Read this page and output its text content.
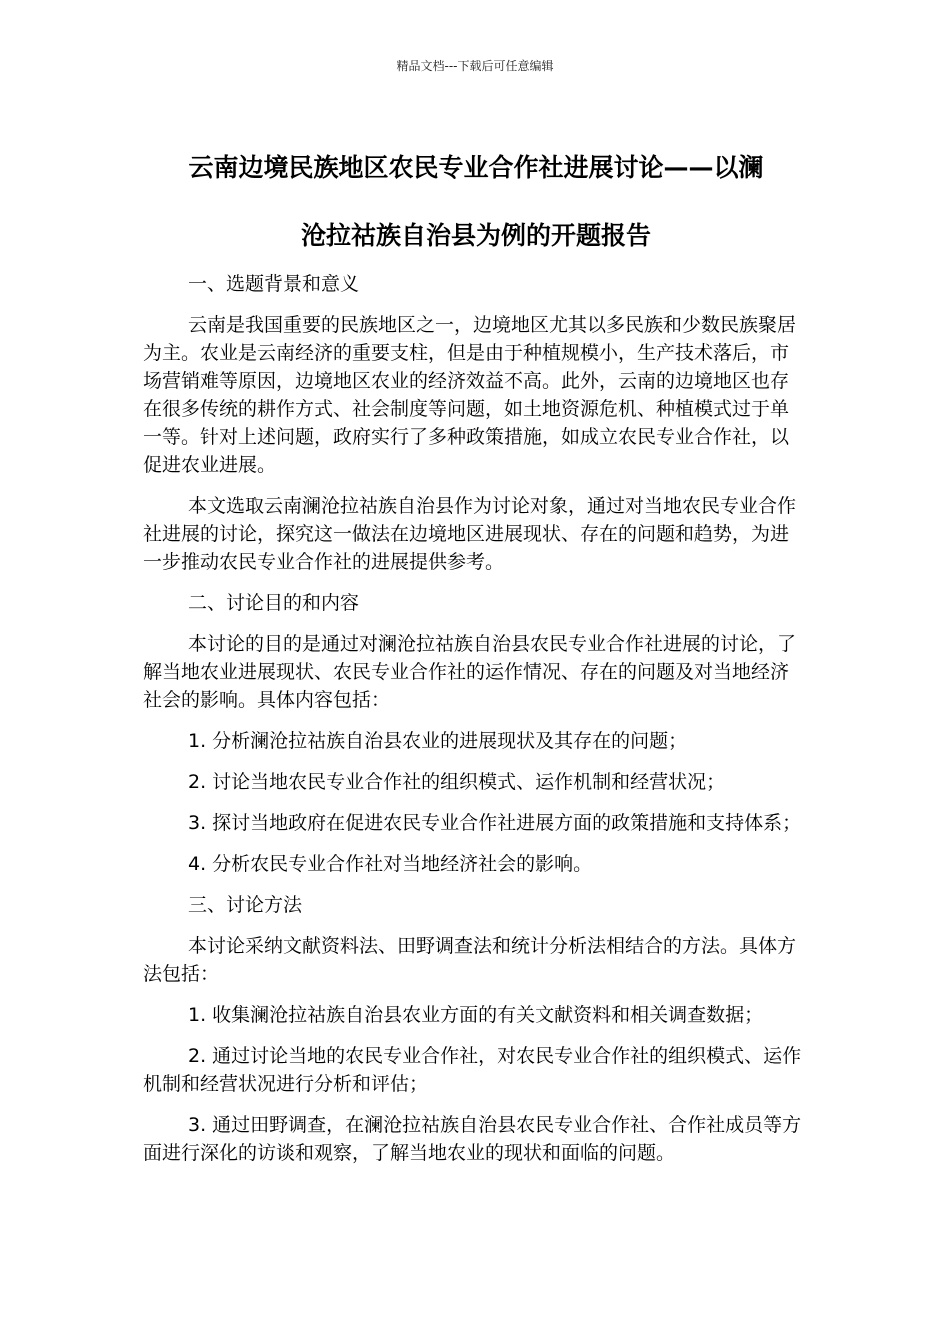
精品文档---下载后可任意编辑
云南边境民族地区农民专业合作社进展讨论——以澜
沧拉祜族自治县为例的开题报告

一、选题背景和意义

云南是我国重要的民族地区之一，边境地区尤其以多民族和少数民族聚居为主。农业是云南经济的重要支柱，但是由于种植规模小，生产技术落后，市场营销难等原因，边境地区农业的经济效益不高。此外，云南的边境地区也存在很多传统的耕作方式、社会制度等问题，如土地资源危机、种植模式过于单一等。针对上述问题，政府实行了多种政策措施，如成立农民专业合作社，以促进农业进展。

本文选取云南澜沧拉祜族自治县作为讨论对象，通过对当地农民专业合作社进展的讨论，探究这一做法在边境地区进展现状、存在的问题和趋势，为进一步推动农民专业合作社的进展提供参考。

二、讨论目的和内容

本讨论的目的是通过对澜沧拉祜族自治县农民专业合作社进展的讨论，了解当地农业进展现状、农民专业合作社的运作情况、存在的问题及对当地经济社会的影响。具体内容包括：

1. 分析澜沧拉祜族自治县农业的进展现状及其存在的问题；

2. 讨论当地农民专业合作社的组织模式、运作机制和经营状况；

3. 探讨当地政府在促进农民专业合作社进展方面的政策措施和支持体系；

4. 分析农民专业合作社对当地经济社会的影响。

三、讨论方法

本讨论采纳文献资料法、田野调查法和统计分析法相结合的方法。具体方法包括：

1. 收集澜沧拉祜族自治县农业方面的有关文献资料和相关调查数据；

2. 通过讨论当地的农民专业合作社，对农民专业合作社的组织模式、运作机制和经营状况进行分析和评估；

3. 通过田野调查，在澜沧拉祜族自治县农民专业合作社、合作社成员等方面进行深化的访谈和观察，了解当地农业的现状和面临的问题。
